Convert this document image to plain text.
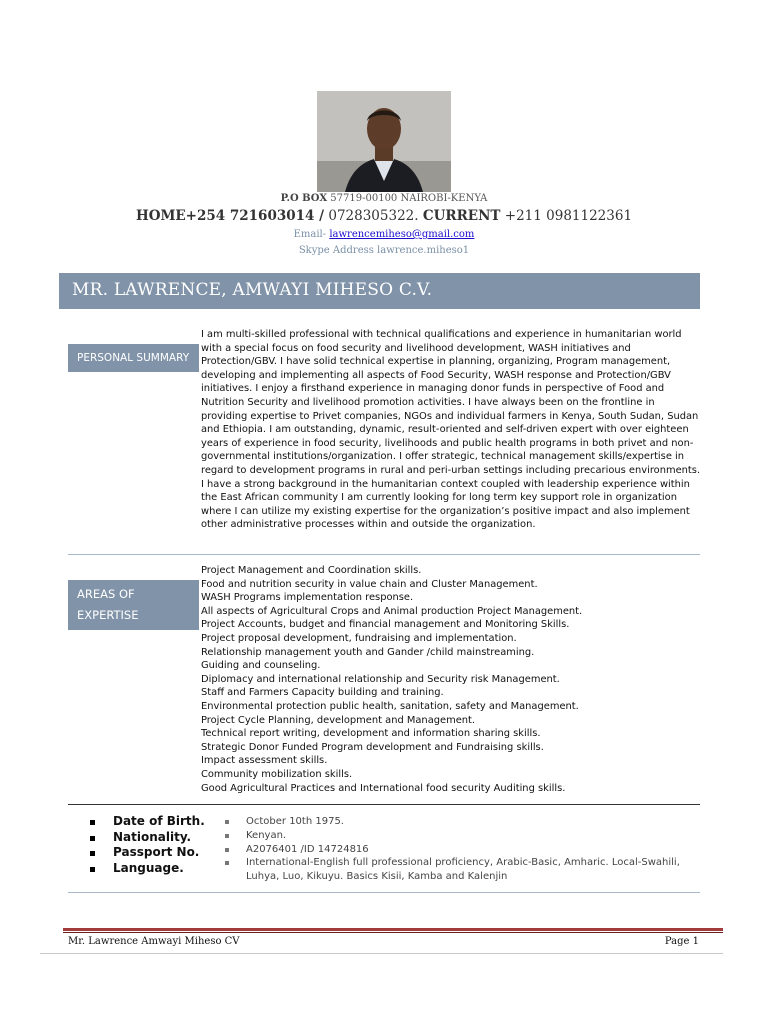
P.O BOX 57719-00100 NAIROBI-KENYA
HOME+254 721603014 / 0728305322. CURRENT +211 0981122361
Email- lawrencemiheso@gmail.com
Skype Address lawrence.miheso1
MR. LAWRENCE, AMWAYI MIHESO C.V.
PERSONAL SUMMARY
I am multi-skilled professional with technical qualifications and experience in humanitarian world with a special focus on food security and livelihood development, WASH initiatives and Protection/GBV. I have solid technical expertise in planning, organizing, Program management, developing and implementing all aspects of Food Security, WASH response and Protection/GBV initiatives. I enjoy a firsthand experience in managing donor funds in perspective of Food and Nutrition Security and livelihood promotion activities. I have always been on the frontline in providing expertise to Privet companies, NGOs and individual farmers in Kenya, South Sudan, Sudan and Ethiopia. I am outstanding, dynamic, result-oriented and self-driven expert with over eighteen years of experience in food security, livelihoods and public health programs in both privet and non-governmental institutions/organization. I offer strategic, technical management skills/expertise in regard to development programs in rural and peri-urban settings including precarious environments. I have a strong background in the humanitarian context coupled with leadership experience within the East African community I am currently looking for long term key support role in organization where I can utilize my existing expertise for the organization’s positive impact and also implement other administrative processes within and outside the organization.
AREAS OF EXPERTISE
Project Management and Coordination skills.
Food and nutrition security in value chain and Cluster Management.
WASH Programs implementation response.
All aspects of Agricultural Crops and Animal production Project Management.
Project Accounts, budget and financial management and Monitoring Skills.
Project proposal development, fundraising and implementation.
Relationship management youth and Gander /child mainstreaming.
Guiding and counseling.
Diplomacy and international relationship and Security risk Management.
Staff and Farmers Capacity building and training.
Environmental protection public health, sanitation, safety and Management.
Project Cycle Planning, development and Management.
Technical report writing, development and information sharing skills.
Strategic Donor Funded Program development and Fundraising skills.
Impact assessment skills.
Community mobilization skills.
Good Agricultural Practices and International food security Auditing skills.
Date of Birth.
Nationality.
Passport No.
Language.
October 10th 1975.
Kenyan.
A2076401 /ID 14724816
International-English full professional proficiency, Arabic-Basic, Amharic. Local-Swahili, Luhya, Luo, Kikuyu. Basics Kisii, Kamba and Kalenjin
Mr. Lawrence Amwayi Miheso CV	Page 1
